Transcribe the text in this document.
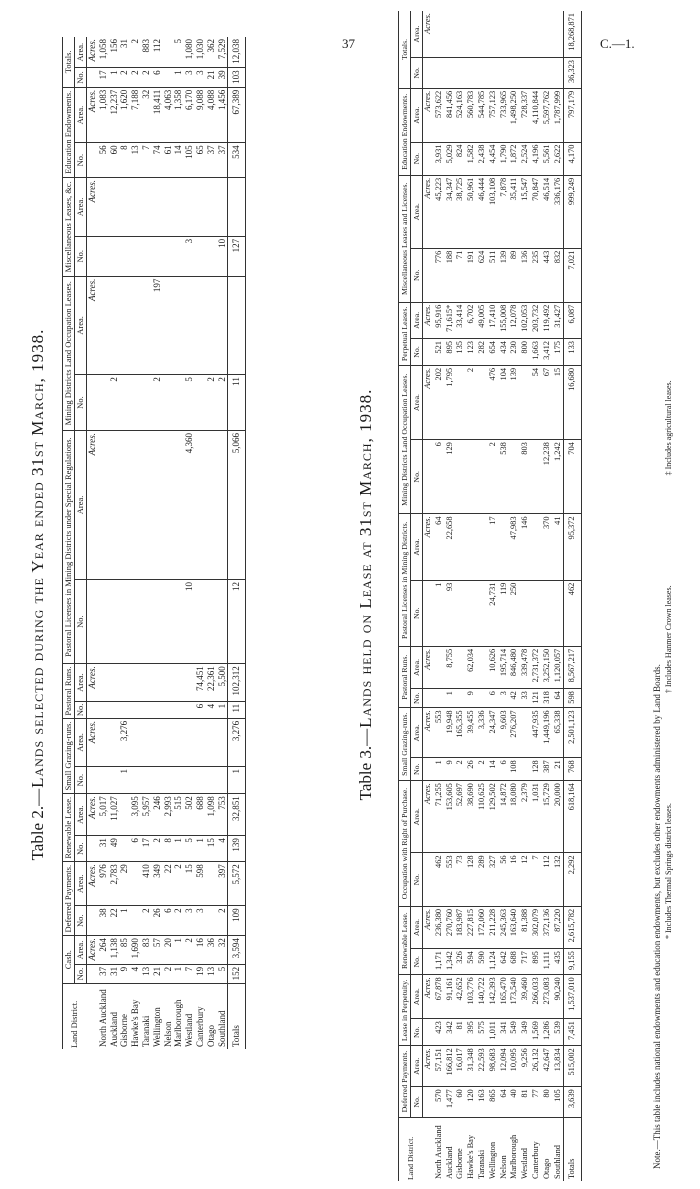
37	C.—1.
Table 2.—Lands selected during the Year ended 31st March, 1938.
Land District.	Cash.		Deferred Payments.		Renewable Lease.		Small Grazing-runs.		Pastoral Runs.		Pastoral Licenses in Mining Districts under Special Regulations.		Mining Districts Land Occupation Leases.		Miscellaneous Leases, &c.		Education Endowments.		Totals.	
	No.	Area.	No.	Area.	No.	Area.	No.	Area.	No.	Area.	No.	Area.	No.	Area.	No.	Area.	No.	Area.	No.	Area.
		Acres.		Acres.		Acres.		Acres.		Acres.		Acres.		Acres.		Acres.		Acres.		Acres.
North Auckland	37	264	38	976	31	5,017											56	1,083	17	1,058
Auckland	31	1,138	22	2,783	49	11,027							2				60	12,237	1	156
Gisborne	9	85	1	29			1	3,276									8	1,620	2	31
Hawke's Bay	4	1,690			6	3,095											13	7,188	2	2
Taranaki	13	83	2	410	17	5,957											7	32	2	883
Wellington	21	57	26	349	2	246							2	197			74	18,411	6	112
Nelson	2	20	6	22	8	2,993											61	4,063		
Marlborough	1	1	2	2	1	515											14	1,358	1	5
Westland	7	2	3	15	5	502					10	4,360	5		3		105	6,170	3	1,080
Canterbury	19	16	3	598	1	688			6	74,451							65	9,088	3	1,030
Otago	13	36			15	1,098			4	22,361			2				37	4,088	21	362
Southland	5	32	2	397	4	753			1	5,500			2		10		37	1,456	39	7,529
Totals	152	3,594	109	5,572	139	32,851	1	3,276	11	102,312	12	5,066	11		127		534	67,389	103	12,038
Table 3.—Lands held on Lease at 31st March, 1938.
Land District.	Deferred Payments.		Lease in Perpetuity.		Renewable Lease.		Occupation with Right of Purchase.		Small Grazing-runs.		Pastoral Runs.		Pastoral Licenses in Mining Districts.		Mining Districts Land Occupation Leases.		Perpetual Leases.		Miscellaneous Leases and Licenses.		Education Endowments.		Totals.	
	No.	Area.	No.	Area.	No.	Area.	No.	Area.	No.	Area.	No.	Area.	No.	Area.	No.	Area.	No.	Area.	No.	Area.	No.	Area.	No.	Area.
		Acres.		Acres.		Acres.		Acres.		Acres.		Acres.		Acres.		Acres.		Acres.		Acres.		Acres.		Acres.
North Auckland	570	57,151	423	67,878	1,171	236,380	462	71,255	1	553			1	64	6	202	521	95,916	776	45,223	3,931	573,622		
Auckland	1,477	166,812	342	91,161	1,342	270,760	553	153,605	9	19,948	1	8,755	93	22,658	129	1,795	895	71,615*	188	34,347	5,029	841,456		
Gisborne	60	16,017	81	42,652	326	183,987	73	52,697	2	165,355							135	33,414	71	38,725	824	524,163		
Hawke's Bay	120	31,348	395	103,776	594	227,815	128	38,690	26	39,455	9	62,034				2	123	6,702	191	50,961	1,582	560,783		
Taranaki	163	22,593	575	140,722	590	172,060	289	110,625	2	3,336							282	49,005	624	46,444	2,438	544,785		
Wellington	865	98,683	1,011	142,393	1,124	211,228	327	129,502	14	24,347	6	10,626	24,731	17	2	476	654	17,410	511	103,108	4,454	757,123		
Nelson	64	12,094	341	165,470	642	245,363	56	14,872	6	9,603	3	195,714	119		538	104	434	155,008	139	7,878	1,790	733,965		
Marlborough	40	10,095	549	173,540	688	163,640	16	18,080	108	276,207	42	846,480	250	47,983		139	230	12,078	89	35,411	1,872	1,498,250		
Westland	81	9,256	349	39,460	717	81,388	12	2,379			33	339,478		146	803		800	102,053	136	15,547	2,524	728,337		
Canterbury	77	26,132	1,569	266,033	895	302,079	7	1,031	128	447,935	121	2,731,372				54	1,663	203,732	235	70,847	4,196	4,110,844		
Otago	80	42,647	1,286	273,083	1,111	372,136	112	15,729	387	1,449,196	318	3,252,150		370	12,238	67	3,412	119,492	443	46,514	5,561	5,597,762		
Southland	105	13,834	539	90,240	435	87,220	132	20,000	21	65,338	64	1,120,057		41	1,242	15	175	31,427	832	336,176	2,622	1,787,999		
Totals	3,639	515,002	7,451	1,537,010	9,155	2,615,782	2,292	618,164	768	2,501,123	598	8,567,217	462	95,372	704	16,680	133	6,087	7,021	999,249	4,170	797,179	36,323	18,268,871
Note.—This table includes national endowments and education endowments, but excludes other endowments administered by Land Boards. * Includes Thermal Springs district leases.
† Includes Hanmer Crown leases.
‡ Includes agricultural leases.
